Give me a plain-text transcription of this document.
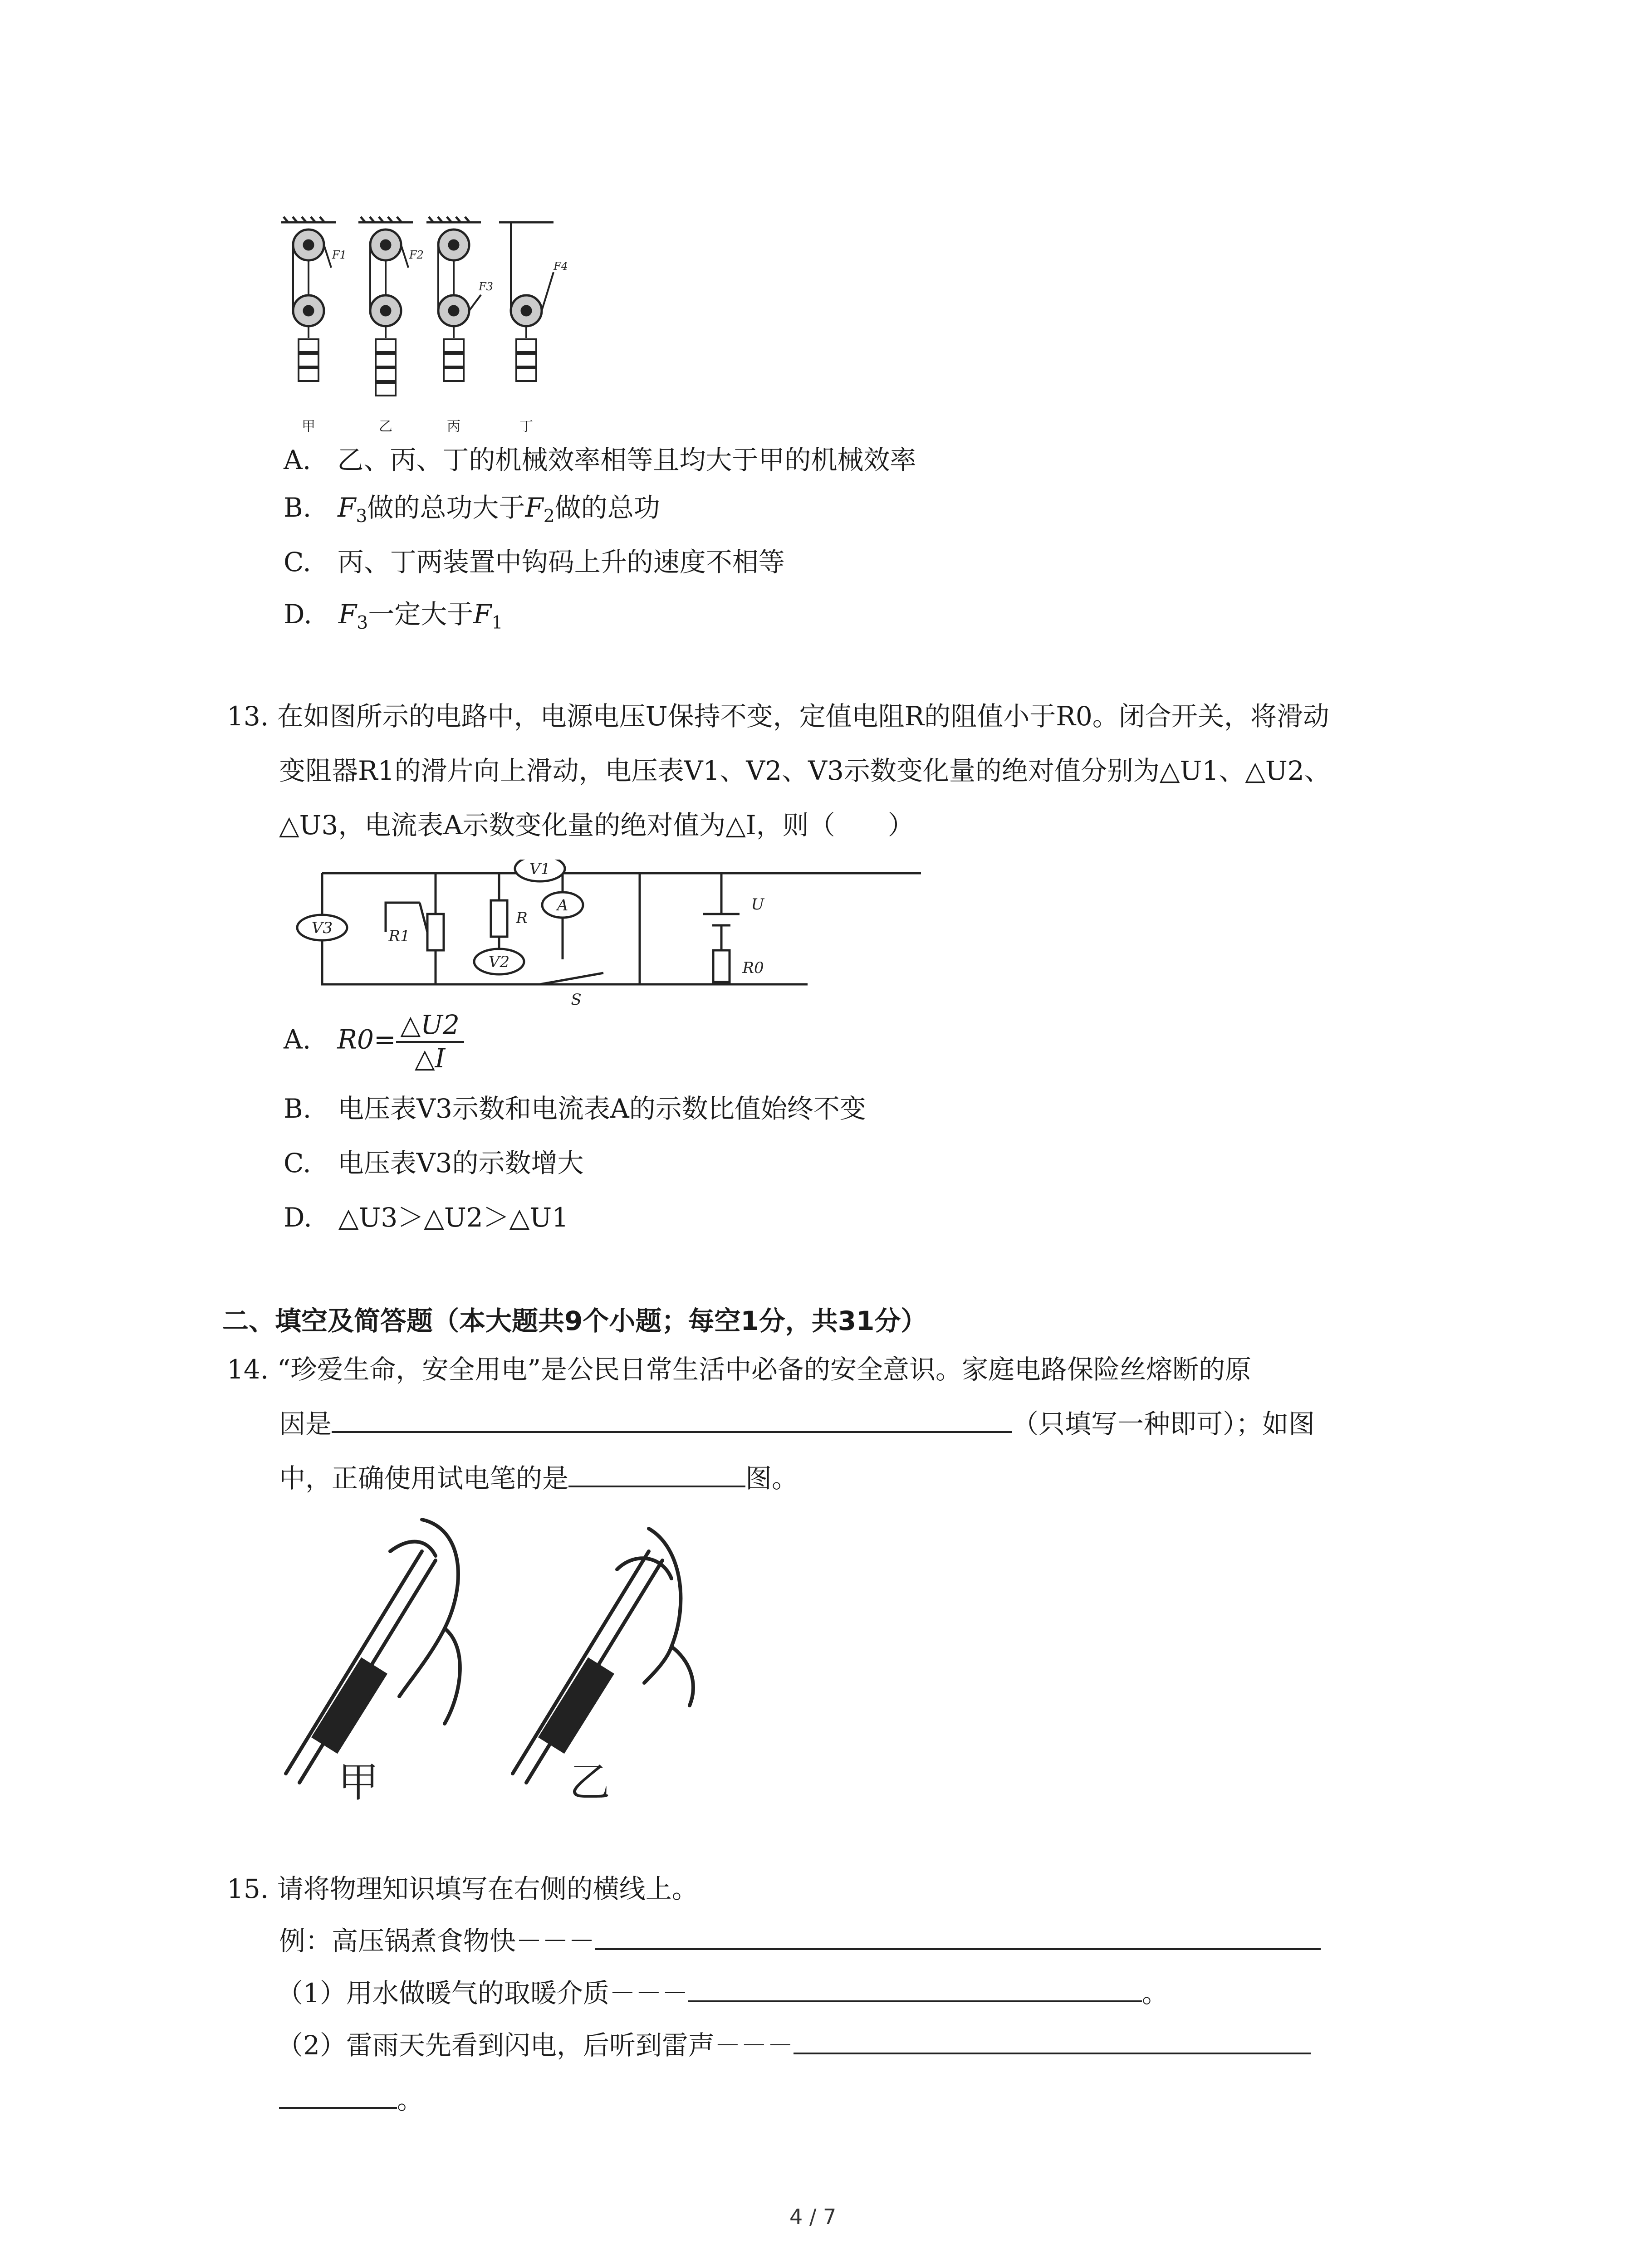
F1	F2
F3
F4
甲	乙	丙	丁
A.　 乙、丙、丁的机械效率相等且均大于甲的机械效率
B.　 $F_3$做的总功大于$F_2$做的总功
C.　 丙、丁两装置中钩码上升的速度不相等
D.　 $F_3$一定大于$F_1$
13. 在如图所示的电路中，电源电压U保持不变，定值电阻R的阻值小于R0。闭合开关，将滑动
变阻器R1的滑片向上滑动，电压表V1、V2、V3示数变化量的绝对值分别为△U1、△U2、
△U3，电流表A示数变化量的绝对值为△I，则（　　）
V3
V1
V2
A
R1
R
U
R0
S
A.　 $R0= \frac{\triangle U2}{\triangle I}$
B.　 电压表V3示数和电流表A的示数比值始终不变
C.　 电压表V3的示数增大
D.　 △U3＞△U2＞△U1
二、填空及简答题（本大题共9个小题；每空1分，共31分）
14. “珍爱生命，安全用电”是公民日常生活中必备的安全意识。家庭电路保险丝熔断的原
因是	（只填写一种即可）；如图
中，正确使用试电笔的是	图。
甲	乙
15. 请将物理知识填写在右侧的横线上。
例：高压锅煮食物快－－－
（1）用水做暖气的取暖介质－－－	。
（2）雷雨天先看到闪电，后听到雷声－－－
。
4 / 7
